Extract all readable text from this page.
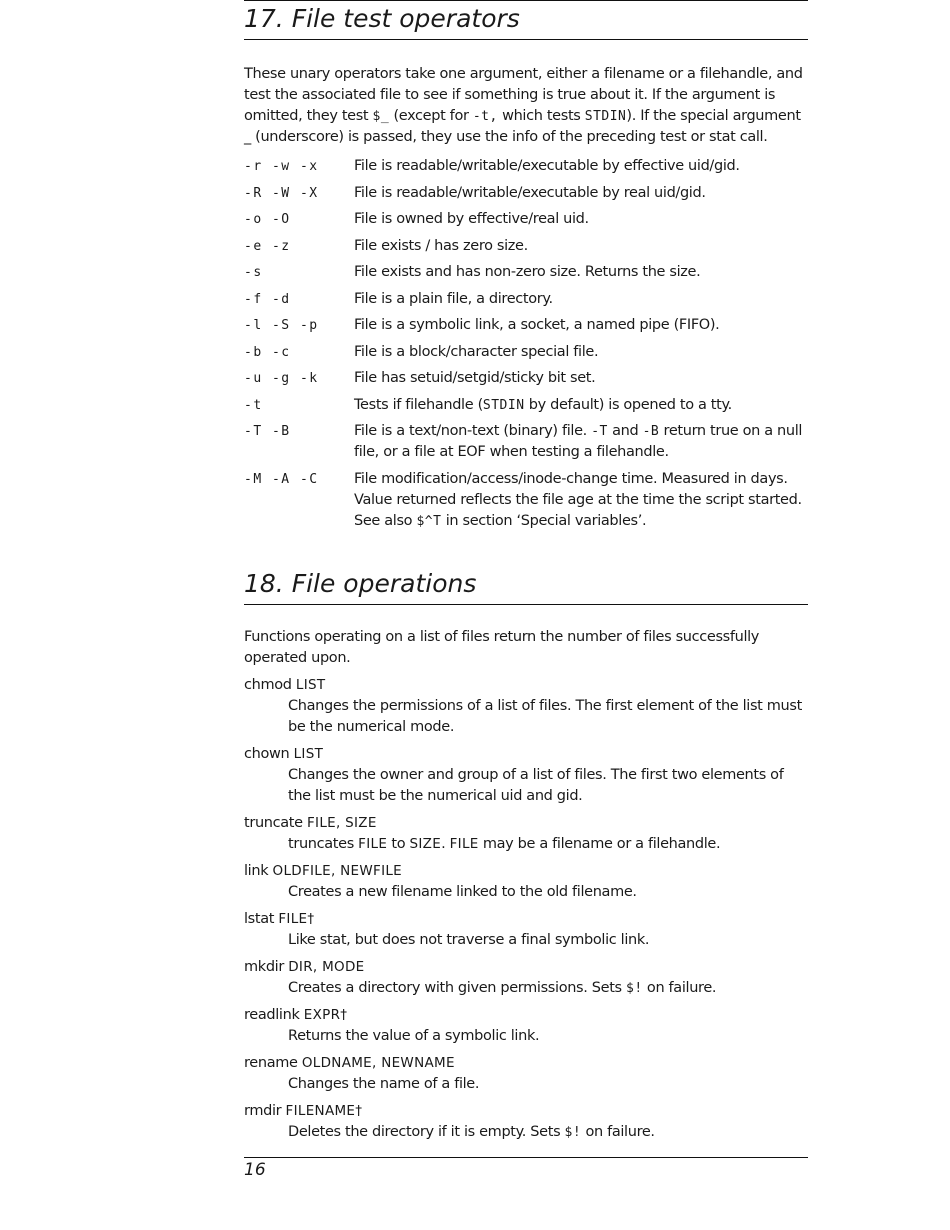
17. File test operators

These unary operators take one argument, either a filename or a filehandle, and test the associated file to see if something is true about it. If the argument is omitted, they test $_ (except for -t, which tests STDIN). If the special argument _ (underscore) is passed, they use the info of the preceding test or stat call.

-r -w -x	File is readable/writable/executable by effective uid/gid.
-R -W -X	File is readable/writable/executable by real uid/gid.
-o -O	File is owned by effective/real uid.
-e -z	File exists / has zero size.
-s	File exists and has non-zero size. Returns the size.
-f -d	File is a plain file, a directory.
-l -S -p	File is a symbolic link, a socket, a named pipe (FIFO).
-b -c	File is a block/character special file.
-u -g -k	File has setuid/setgid/sticky bit set.
-t	Tests if filehandle (STDIN by default) is opened to a tty.
-T -B	File is a text/non-text (binary) file. -T and -B return true on a null file, or a file at EOF when testing a filehandle.
-M -A -C	File modification/access/inode-change time. Measured in days. Value returned reflects the file age at the time the script started. See also $^T in section ‘Special variables’.
18. File operations

Functions operating on a list of files return the number of files successfully operated upon.

chmod LIST
Changes the permissions of a list of files. The first element of the list must be the numerical mode.
chown LIST
Changes the owner and group of a list of files. The first two elements of the list must be the numerical uid and gid.
truncate FILE, SIZE
truncates FILE to SIZE. FILE may be a filename or a filehandle.
link OLDFILE, NEWFILE
Creates a new filename linked to the old filename.
lstat FILE†
Like stat, but does not traverse a final symbolic link.
mkdir DIR, MODE
Creates a directory with given permissions. Sets $! on failure.
readlink EXPR†
Returns the value of a symbolic link.
rename OLDNAME, NEWNAME
Changes the name of a file.
rmdir FILENAME†
Deletes the directory if it is empty. Sets $! on failure.
16
